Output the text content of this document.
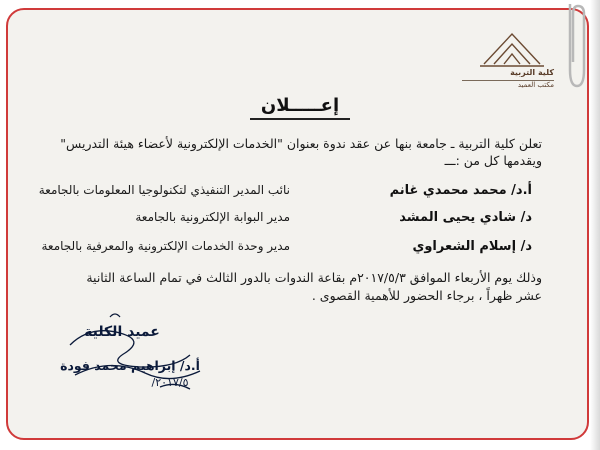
كلية التربية
مكتب العميد
إعـــــلان
تعلن كلية التربية ـ جامعة بنها عن عقد ندوة بعنوان "الخدمات الإلكترونية لأعضاء هيئة التدريس"
ويقدمها كل من :ـــ
أ.د/ محمد محمدي غانم
نائب المدير التنفيذي لتكنولوجيا المعلومات بالجامعة
د/ شادي يحيى المشد
مدير البوابة الإلكترونية بالجامعة
د/ إسلام الشعراوي
مدير وحدة الخدمات الإلكترونية والمعرفية بالجامعة
وذلك يوم الأربعاء الموافق ٢٠١٧/٥/٣م بقاعة الندوات بالدور الثالث في تمام الساعة الثانية
عشر ظهراً ، برجاء الحضور للأهمية القصوى .
عميد الكلية
أ.د/ إبراهيم محمد فودة
٢٠١٧/٥/
